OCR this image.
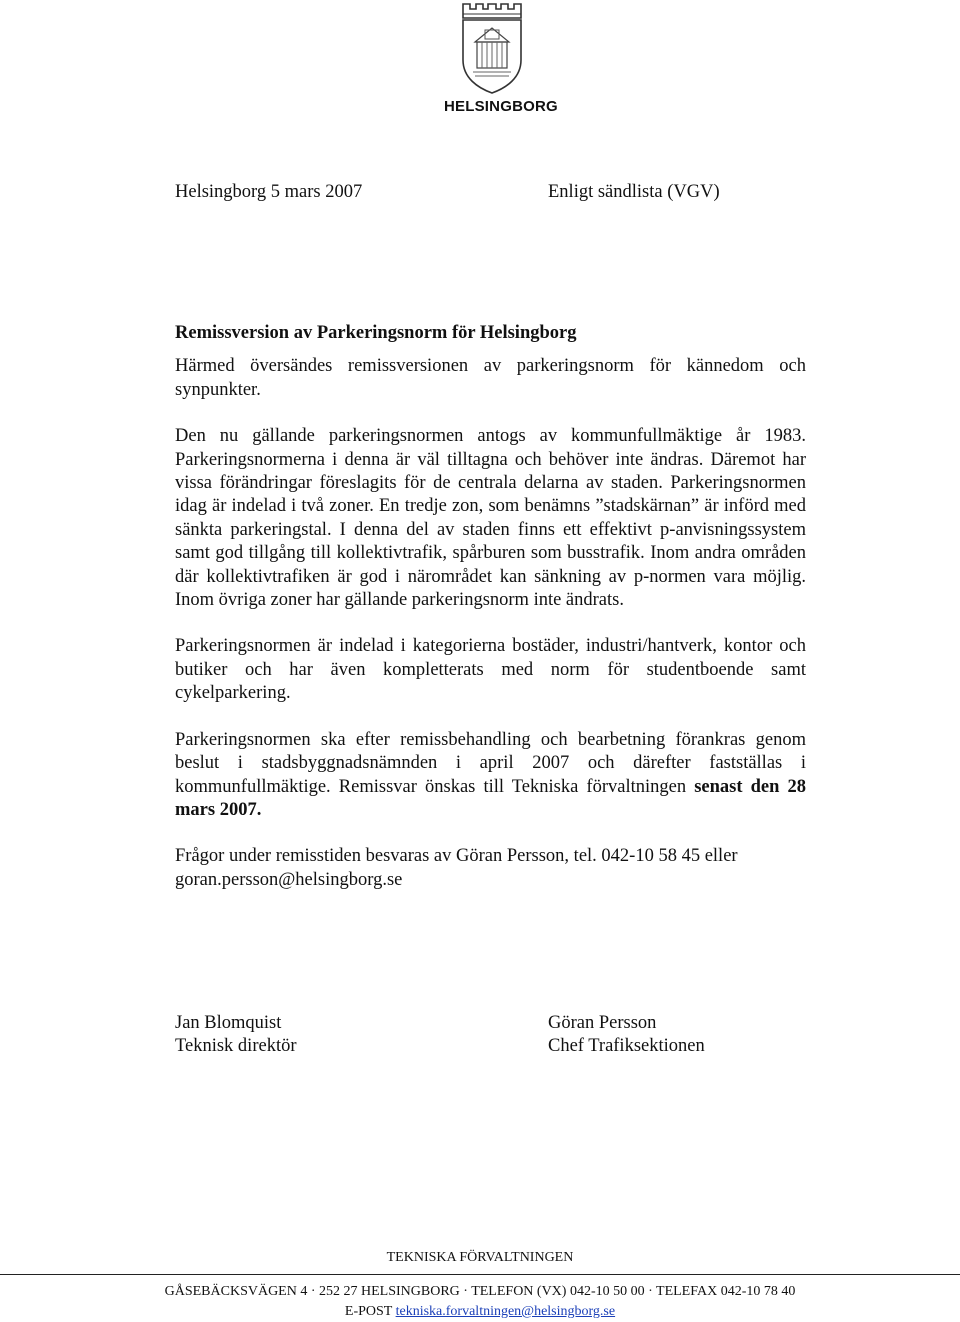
HELSINGBORG
Helsingborg 5 mars 2007	Enligt sändlista (VGV)
Remissversion av Parkeringsnorm för Helsingborg

Härmed översändes remissversionen av parkeringsnorm för kännedom och synpunkter.

Den nu gällande parkeringsnormen antogs av kommunfullmäktige år 1983. Parkeringsnormerna i denna är väl tilltagna och behöver inte ändras. Däremot har vissa förändringar föreslagits för de centrala delarna av staden. Parkeringsnormen idag är indelad i två zoner. En tredje zon, som benämns ”stadskärnan” är införd med sänkta parkeringstal. I denna del av staden finns ett effektivt p-anvisningssystem samt god tillgång till kollektivtrafik, spårburen som busstrafik. Inom andra områden där kollektivtrafiken är god i närområdet kan sänkning av p-normen vara möjlig. Inom övriga zoner har gällande parkeringsnorm inte ändrats.

Parkeringsnormen är indelad i kategorierna bostäder, industri/hantverk, kontor och butiker och har även kompletterats med norm för studentboende samt cykelparkering.

Parkeringsnormen ska efter remissbehandling och bearbetning förankras genom beslut i stadsbyggnadsnämnden i april 2007 och därefter fastställas i kommunfullmäktige. Remissvar önskas till Tekniska förvaltningen senast den 28 mars 2007.

Frågor under remisstiden besvaras av Göran Persson, tel. 042-10 58 45 eller goran.persson@helsingborg.se

Jan Blomquist
Teknisk direktör
Göran Persson
Chef Trafiksektionen
TEKNISKA FÖRVALTNINGEN
GÅSEBÄCKSVÄGEN 4 · 252 27 HELSINGBORG · TELEFON (VX) 042-10 50 00 · TELEFAX 042-10 78 40
E-POST tekniska.forvaltningen@helsingborg.se
